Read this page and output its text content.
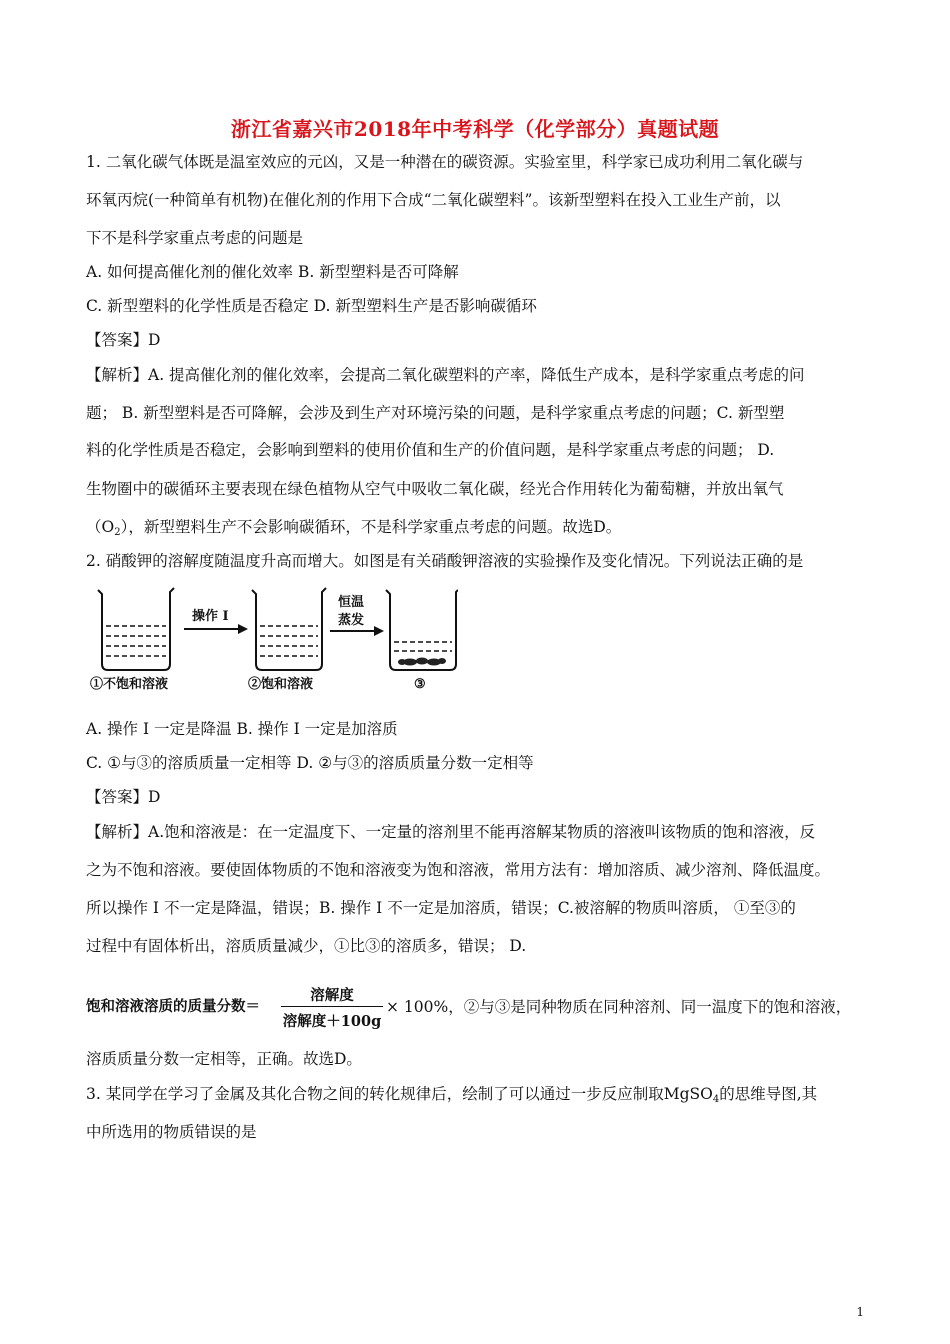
浙江省嘉兴市2018年中考科学（化学部分）真题试题
1. 二氧化碳气体既是温室效应的元凶，又是一种潜在的碳资源。实验室里，科学家已成功利用二氧化碳与
环氧丙烷(一种简单有机物)在催化剂的作用下合成“二氧化碳塑料”。该新型塑料在投入工业生产前，以
下不是科学家重点考虑的问题是
A. 如何提高催化剂的催化效率 B. 新型塑料是否可降解
C. 新型塑料的化学性质是否稳定 D. 新型塑料生产是否影响碳循环
【答案】D
【解析】A. 提高催化剂的催化效率，会提高二氧化碳塑料的产率，降低生产成本，是科学家重点考虑的问
题； B. 新型塑料是否可降解，会涉及到生产对环境污染的问题，是科学家重点考虑的问题；C. 新型塑
料的化学性质是否稳定，会影响到塑料的使用价值和生产的价值问题，是科学家重点考虑的问题； D.
生物圈中的碳循环主要表现在绿色植物从空气中吸收二氧化碳，经光合作用转化为葡萄糖，并放出氧气
$(O_2)$，新型塑料生产不会影响碳循环，不是科学家重点考虑的问题。故选D。
2. 硝酸钾的溶解度随温度升高而增大。如图是有关硝酸钾溶液的实验操作及变化情况。下列说法正确的是
操作 I
恒温
蒸发
①不饱和溶液	②饱和溶液	③
A. 操作 I 一定是降温 B. 操作 I 一定是加溶质
C. ①与③的溶质质量一定相等 D. ②与③的溶质质量分数一定相等
【答案】D
【解析】A.饱和溶液是：在一定温度下、一定量的溶剂里不能再溶解某物质的溶液叫该物质的饱和溶液，反
之为不饱和溶液。要使固体物质的不饱和溶液变为饱和溶液，常用方法有：增加溶质、减少溶剂、降低温度。
所以操作 I 不一定是降温，错误；B. 操作 I 不一定是加溶质，错误；C.被溶解的物质叫溶质， ①至③的
过程中有固体析出，溶质质量减少，①比③的溶质多，错误； D.
饱和溶液溶质的质量分数＝
溶解度
溶解度＋100g
× 100%，②与③是同种物质在同种溶剂、同一温度下的饱和溶液，
溶质质量分数一定相等，正确。故选D。
3. 某同学在学习了金属及其化合物之间的转化规律后，绘制了可以通过一步反应制取MgSO$_4$的思维导图,其
中所选用的物质错误的是
1
